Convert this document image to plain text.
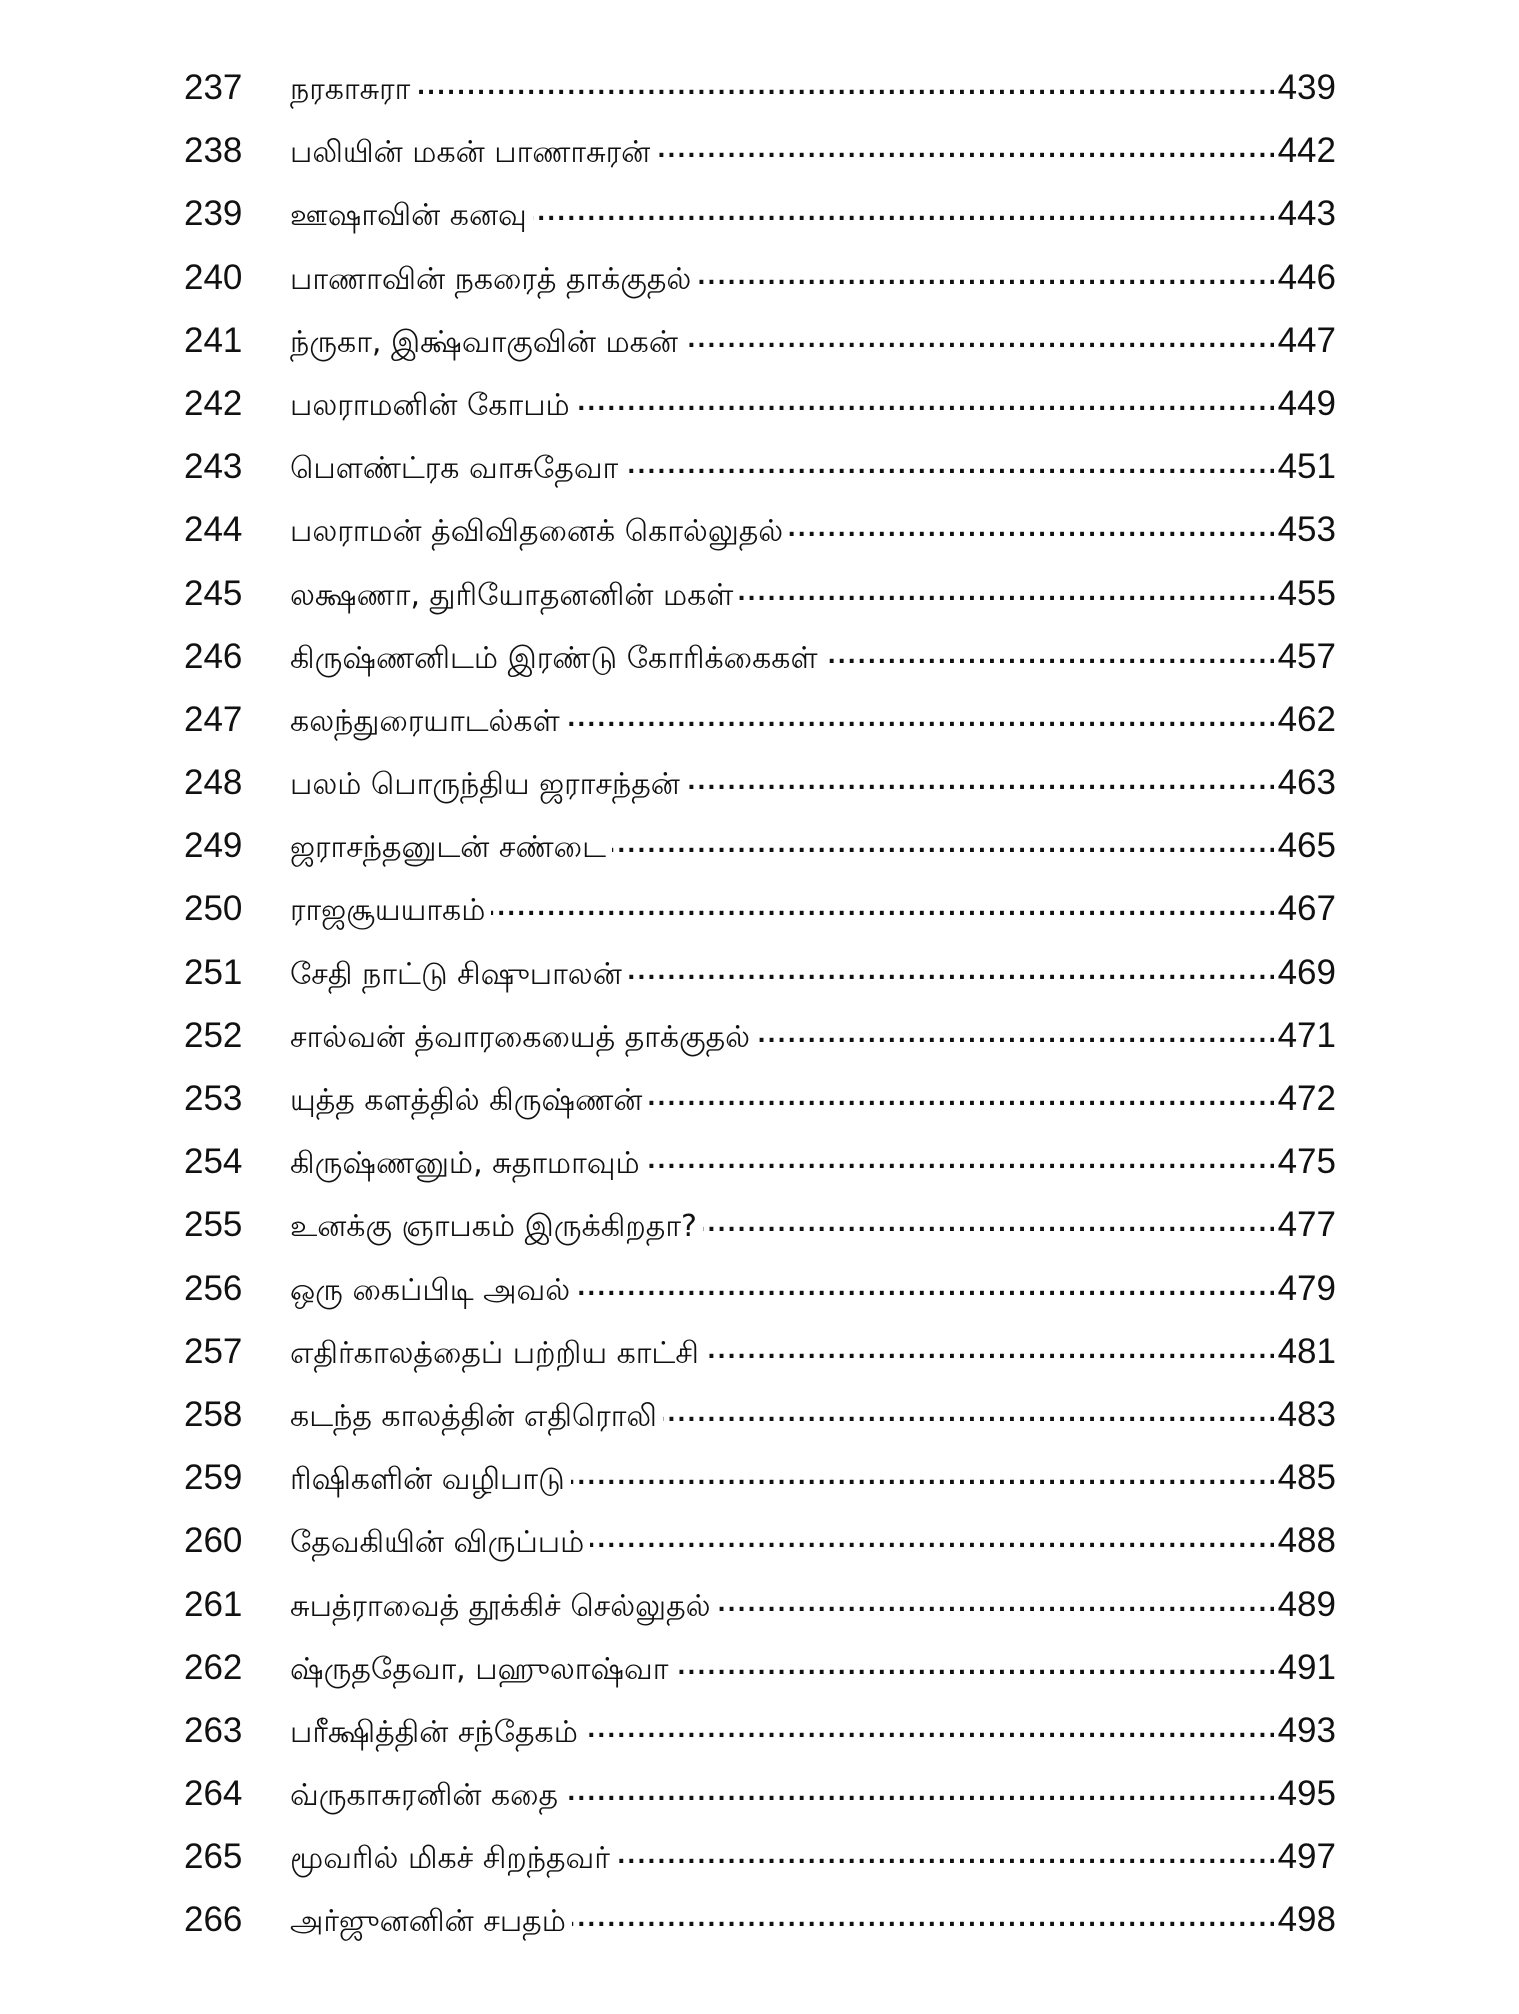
237	நரகாசுரா . . .	439
238	பலியின் மகன் பாணாசுரன் . . .	442
239	ஊஷாவின் கனவு . . .	443
240	பாணாவின் நகரைத் தாக்குதல் . . .	446
241	ந்ருகா, இக்ஷ்வாகுவின் மகன் . . .	447
242	பலராமனின் கோபம் . . .	449
243	பௌண்ட்ரக வாசுதேவா . . .	451
244	பலராமன் த்விவிதனைக் கொல்லுதல் . . .	453
245	லக்ஷணா, துரியோதனனின் மகள் . . .	455
246	கிருஷ்ணனிடம் இரண்டு கோரிக்கைகள் . . .	457
247	கலந்துரையாடல்கள் . . .	462
248	பலம் பொருந்திய ஜராசந்தன் . . .	463
249	ஜராசந்தனுடன் சண்டை . . .	465
250	ராஜசூயயாகம் . . .	467
251	சேதி நாட்டு சிஷுபாலன் . . .	469
252	சால்வன் த்வாரகையைத் தாக்குதல் . . .	471
253	யுத்த களத்தில் கிருஷ்ணன் . . .	472
254	கிருஷ்ணனும், சுதாமாவும் . . .	475
255	உனக்கு ஞாபகம் இருக்கிறதா? . . .	477
256	ஒரு கைப்பிடி அவல் . . .	479
257	எதிர்காலத்தைப் பற்றிய காட்சி . . .	481
258	கடந்த காலத்தின் எதிரொலி . . .	483
259	ரிஷிகளின் வழிபாடு . . .	485
260	தேவகியின் விருப்பம் . . .	488
261	சுபத்ராவைத் தூக்கிச் செல்லுதல் . . .	489
262	ஷ்ருததேவா, பஹுலாஷ்வா . . .	491
263	பரீக்ஷித்தின் சந்தேகம் . . .	493
264	வ்ருகாசுரனின் கதை . . .	495
265	மூவரில் மிகச் சிறந்தவர் . . .	497
266	அர்ஜுனனின் சபதம் . . .	498
